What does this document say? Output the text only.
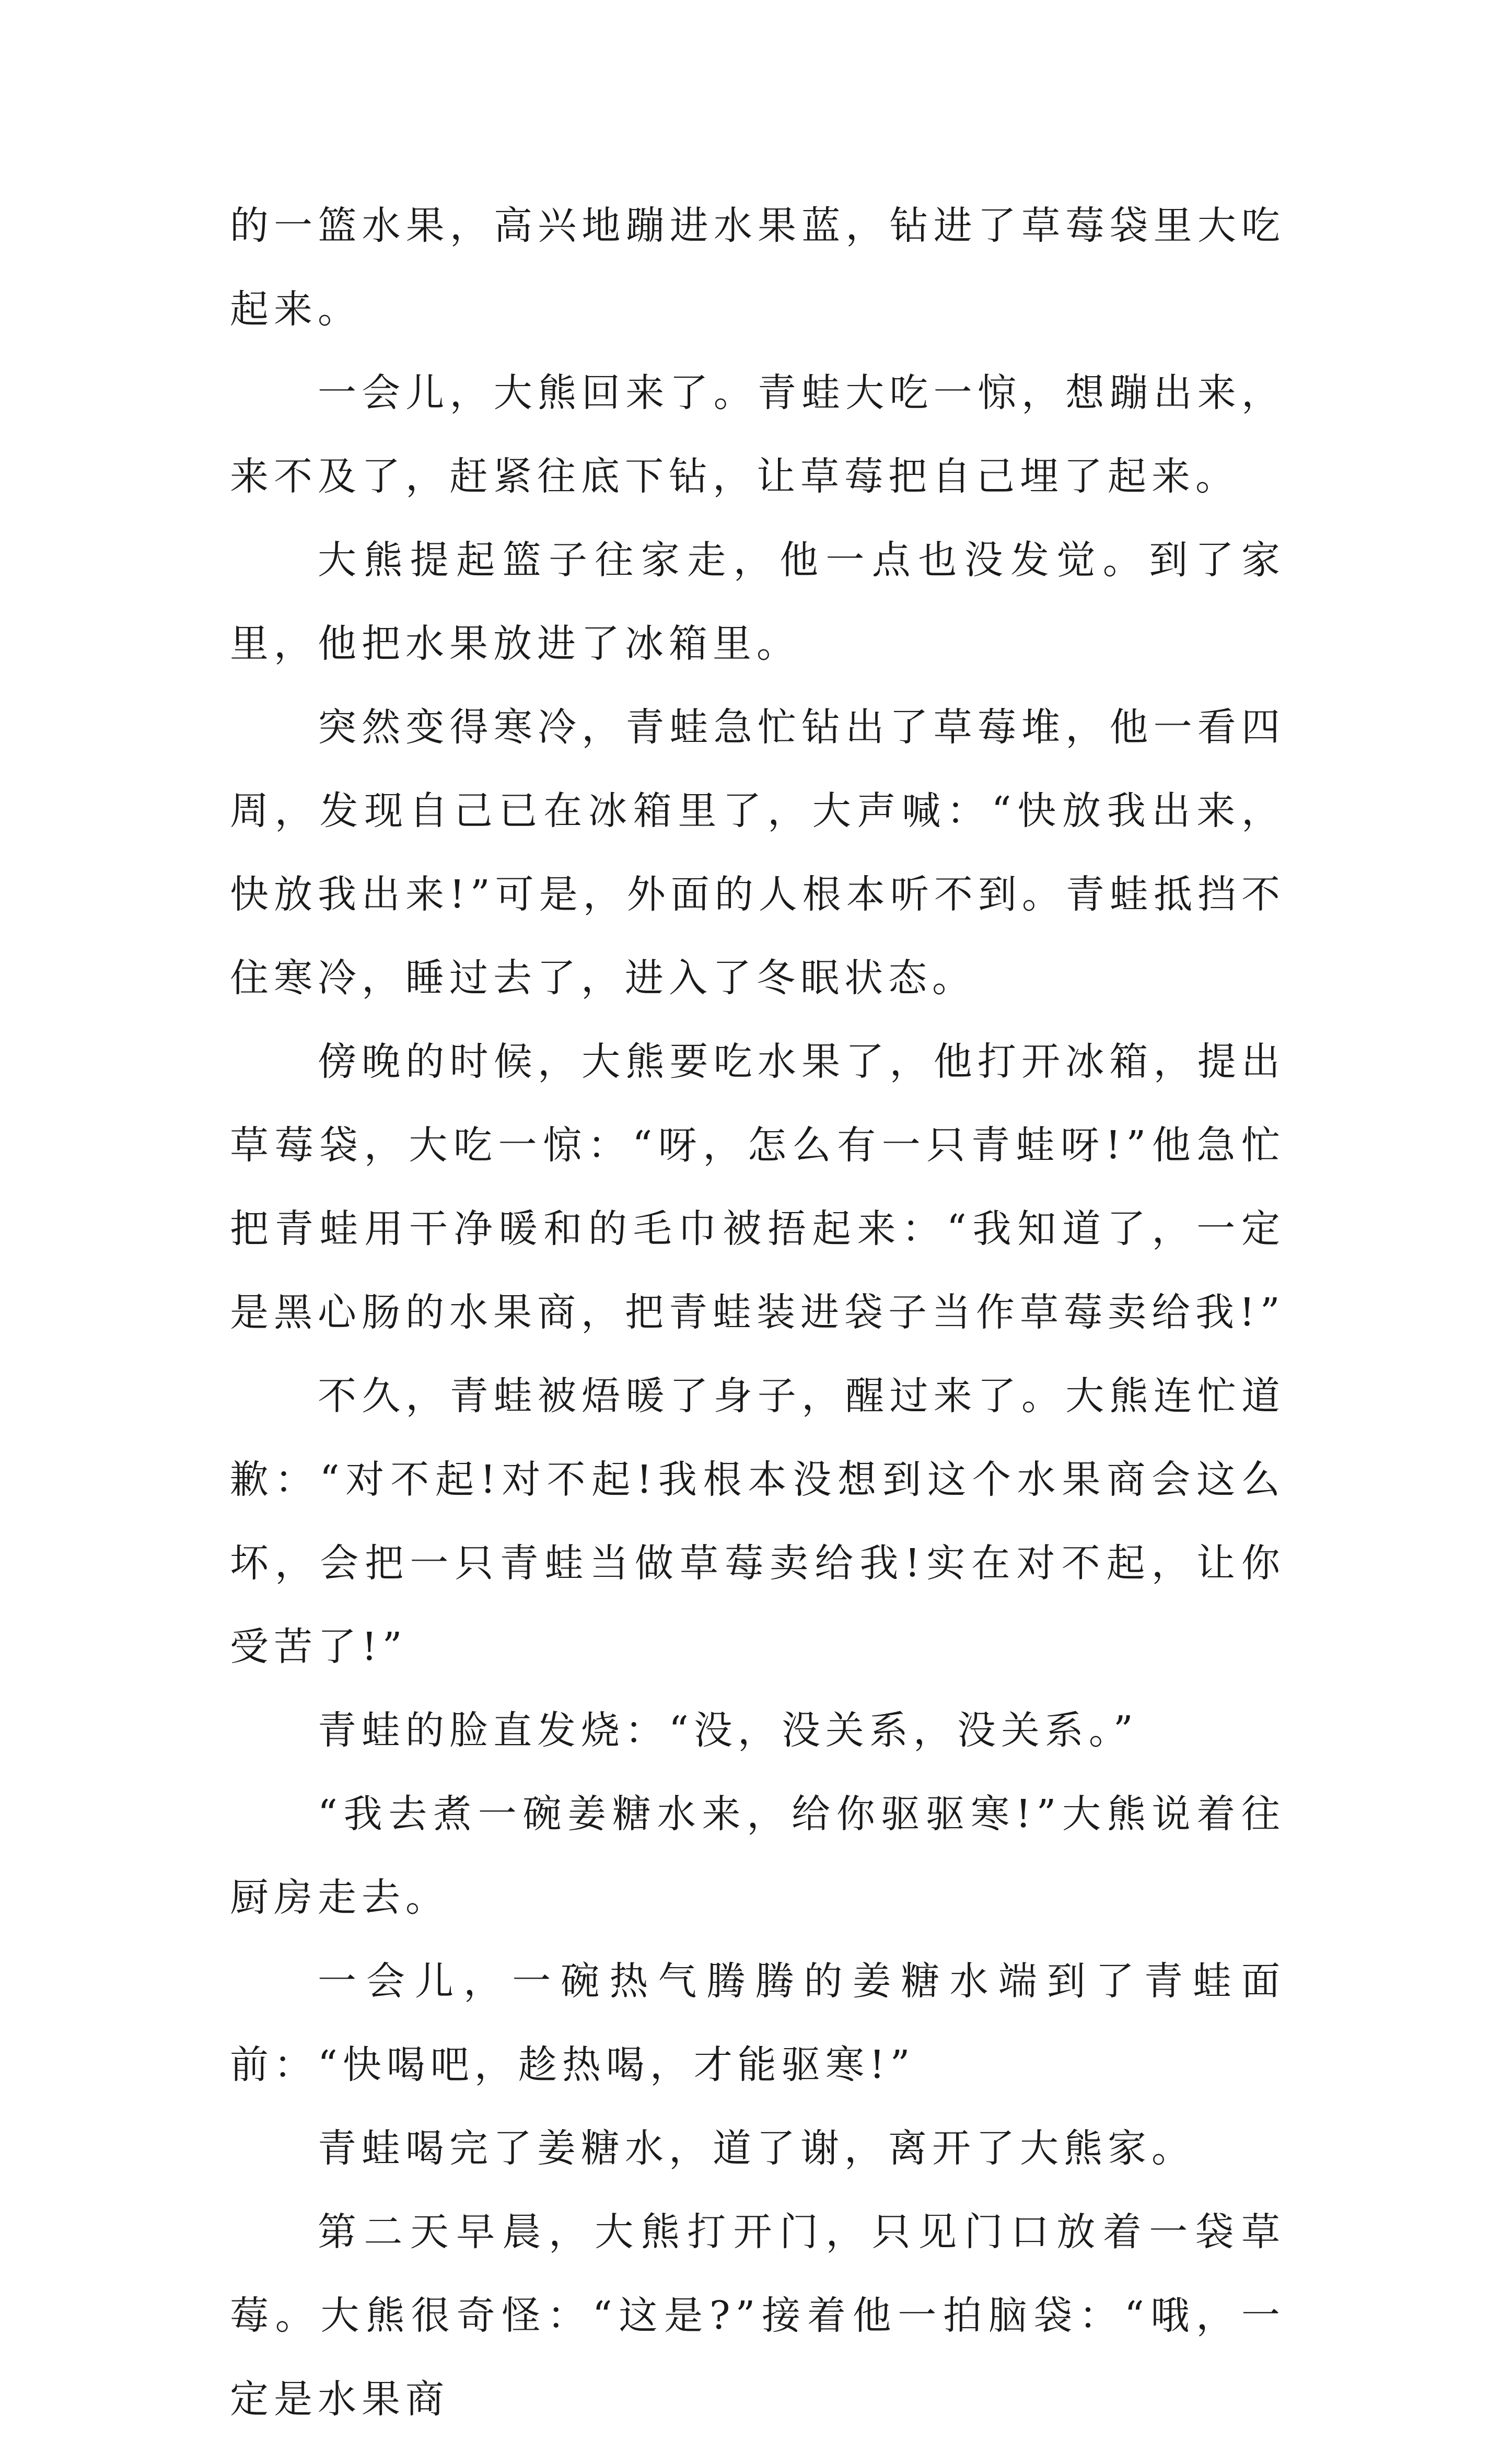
的一篮水果，高兴地蹦进水果蓝，钻进了草莓袋里大吃起来。

一会儿，大熊回来了。青蛙大吃一惊，想蹦出来，来不及了，赶紧往底下钻，让草莓把自己埋了起来。

大熊提起篮子往家走，他一点也没发觉。到了家里，他把水果放进了冰箱里。

突然变得寒冷，青蛙急忙钻出了草莓堆，他一看四周，发现自己已在冰箱里了，大声喊：“快放我出来，快放我出来!”可是，外面的人根本听不到。青蛙抵挡不住寒冷，睡过去了，进入了冬眠状态。

傍晚的时候，大熊要吃水果了，他打开冰箱，提出草莓袋，大吃一惊：“呀，怎么有一只青蛙呀!”他急忙把青蛙用干净暖和的毛巾被捂起来：“我知道了，一定是黑心肠的水果商，把青蛙装进袋子当作草莓卖给我!”

不久，青蛙被焐暖了身子，醒过来了。大熊连忙道歉：“对不起!对不起!我根本没想到这个水果商会这么坏，会把一只青蛙当做草莓卖给我!实在对不起，让你受苦了!”

青蛙的脸直发烧：“没，没关系，没关系。”

“我去煮一碗姜糖水来，给你驱驱寒!”大熊说着往厨房走去。

一会儿，一碗热气腾腾的姜糖水端到了青蛙面前：“快喝吧，趁热喝，才能驱寒!”

青蛙喝完了姜糖水，道了谢，离开了大熊家。

第二天早晨，大熊打开门，只见门口放着一袋草莓。大熊很奇怪：“这是?”接着他一拍脑袋：“哦，一定是水果商
